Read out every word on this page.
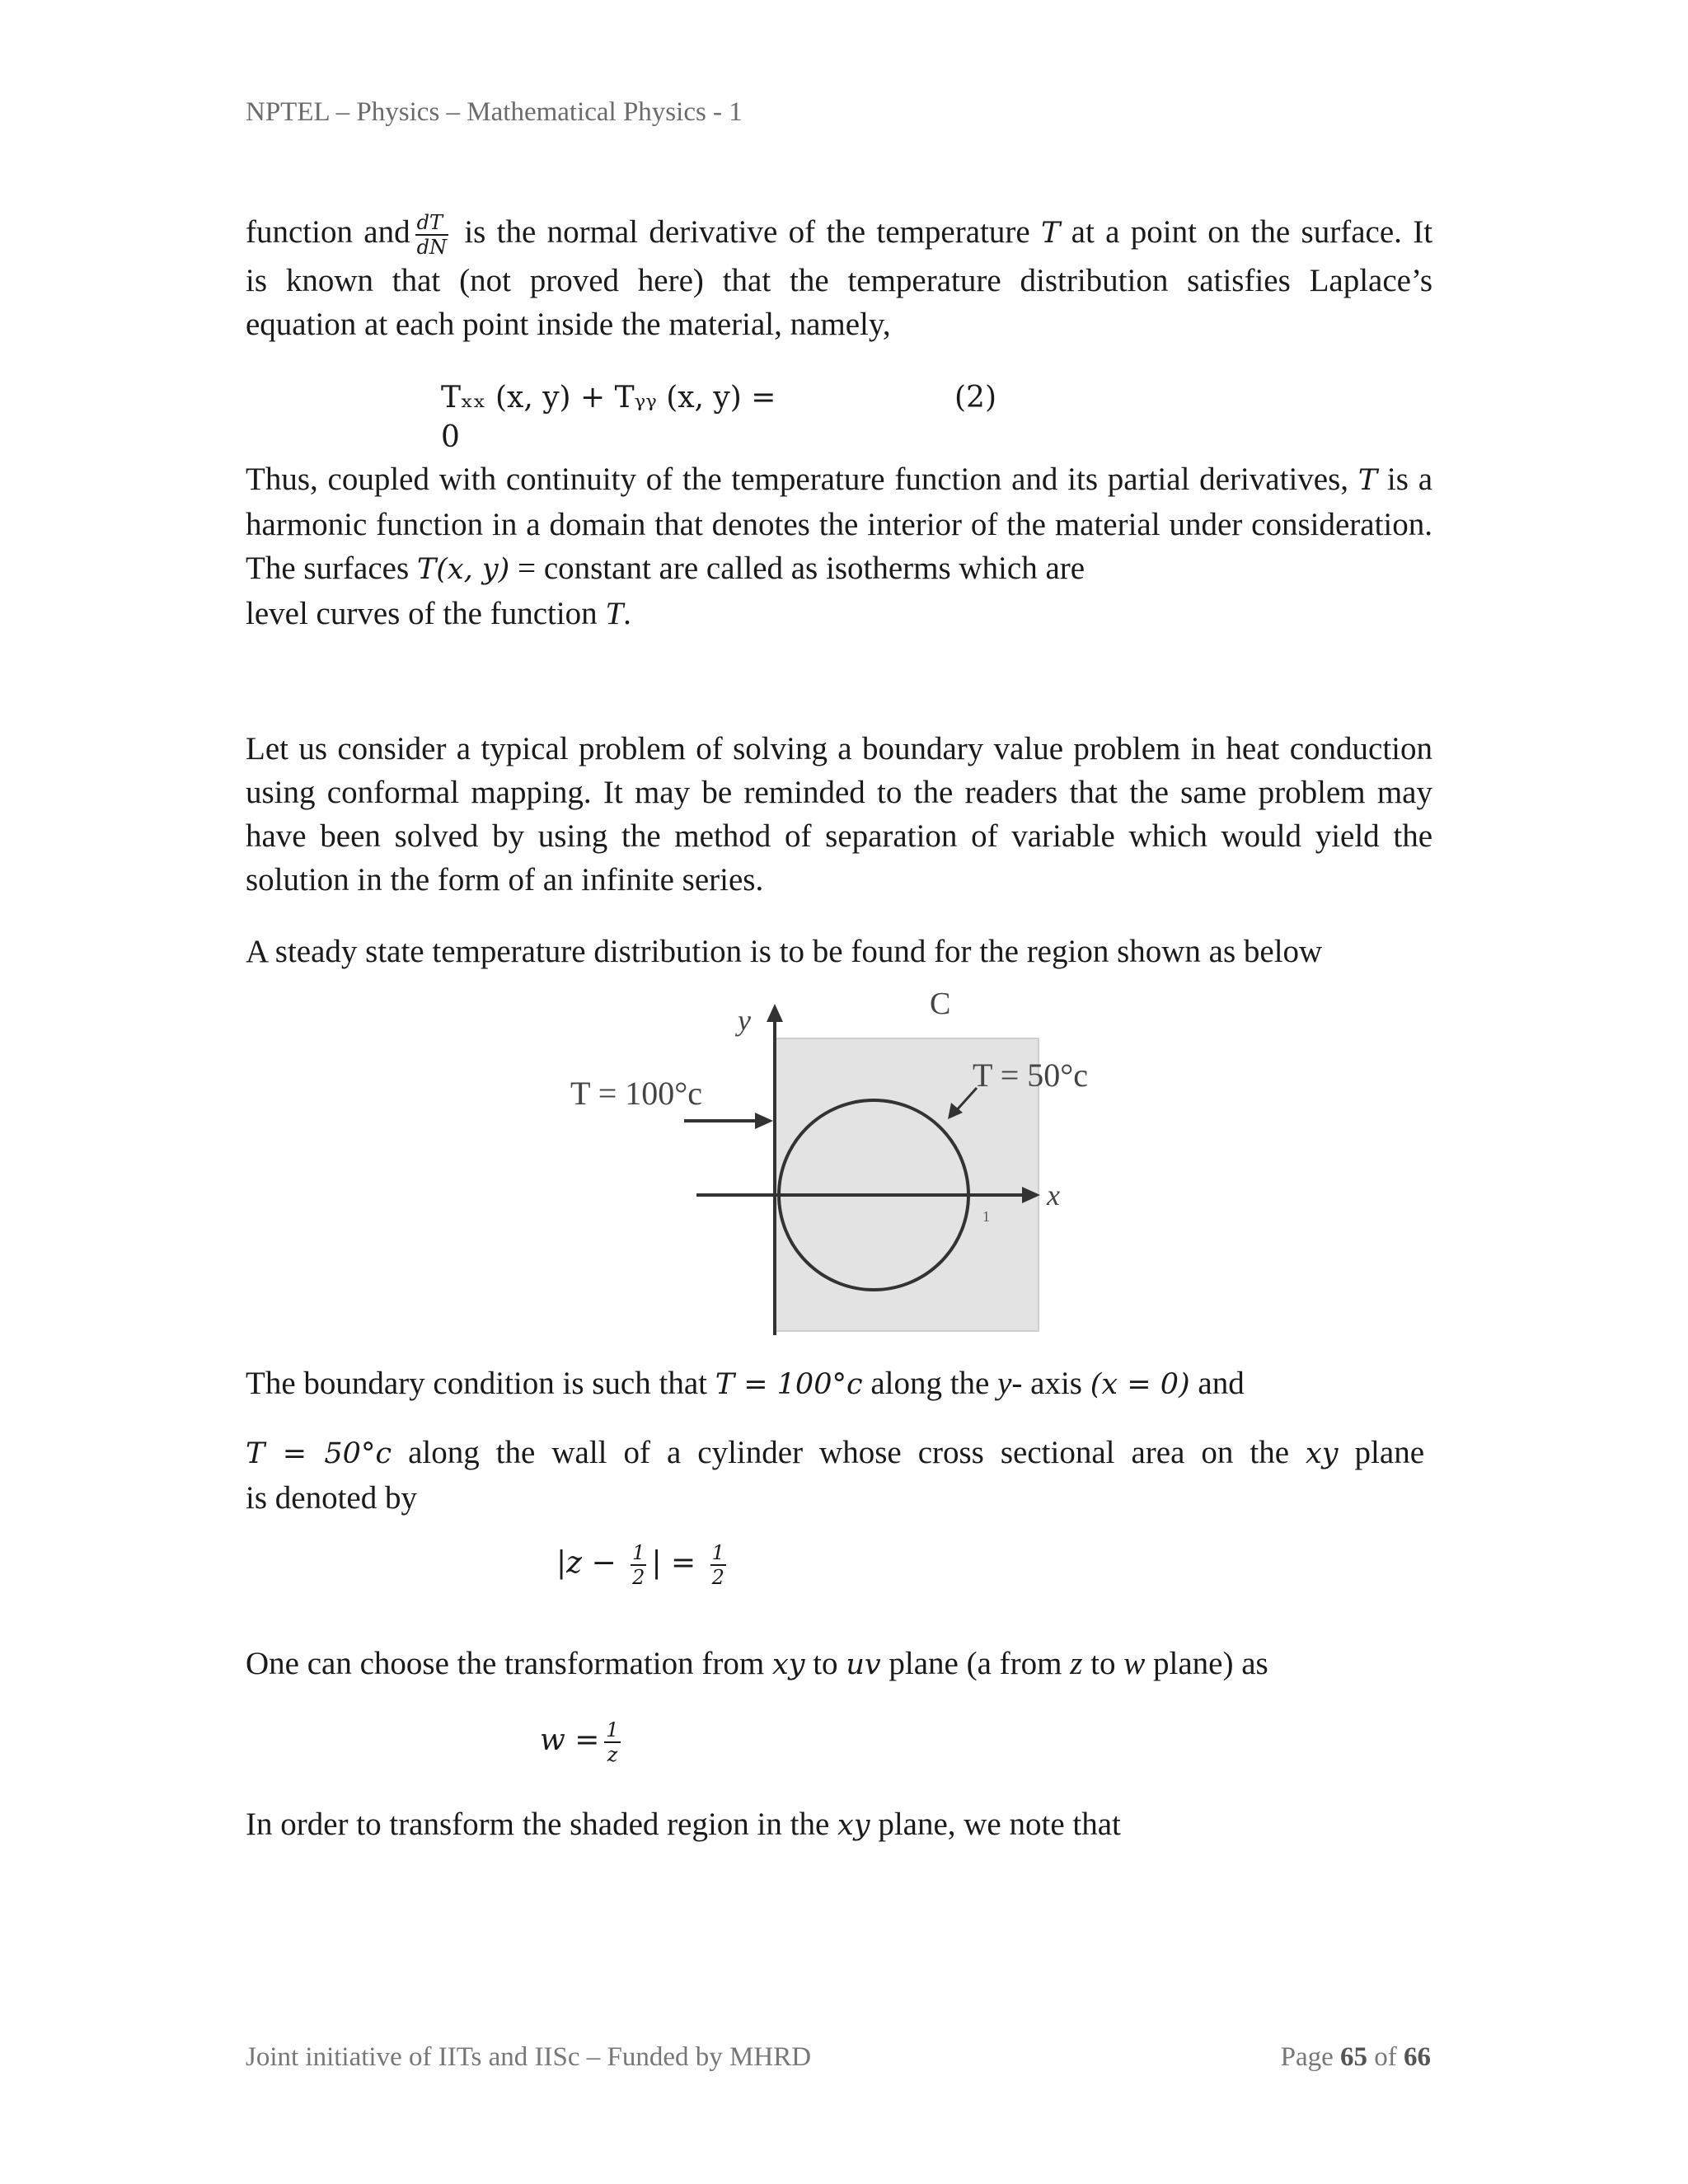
NPTEL – Physics – Mathematical Physics - 1
function and $\frac{dT}{dN}$ is the normal derivative of the temperature T at a point on the surface. It
is known that (not proved here) that the temperature distribution satisfies Laplace’s
equation at each point inside the material, namely,
Tₓₓ (x, y) + Tᵧᵧ (x, y) =	(2)
0
Thus, coupled with continuity of the temperature function and its partial derivatives, T is a harmonic function in a domain that denotes the interior of the material under consideration. The surfaces T(x, y) = constant are called as isotherms which are
level curves of the function T.
Let us consider a typical problem of solving a boundary value problem in heat conduction using conformal mapping. It may be reminded to the readers that the same problem may have been solved by using the method of separation of variable which would yield the solution in the form of an infinite series.
A steady state temperature distribution is to be found for the region shown as below
C
y
x
1
T = 100°c	T = 50°c
The boundary condition is such that T = 100°c along the y- axis (x = 0) and
T = 50°c along the wall of a cylinder whose cross sectional area on the xy plane
is denoted by
$|z - \frac{1}{2}$ | = $\frac{1}{2}$
One can choose the transformation from xy to uv plane (a from z to w plane) as
$w = \frac{1}{z}$
In order to transform the shaded region in the xy plane, we note that
Joint initiative of IITs and IISc – Funded by MHRD	Page 65 of 66
